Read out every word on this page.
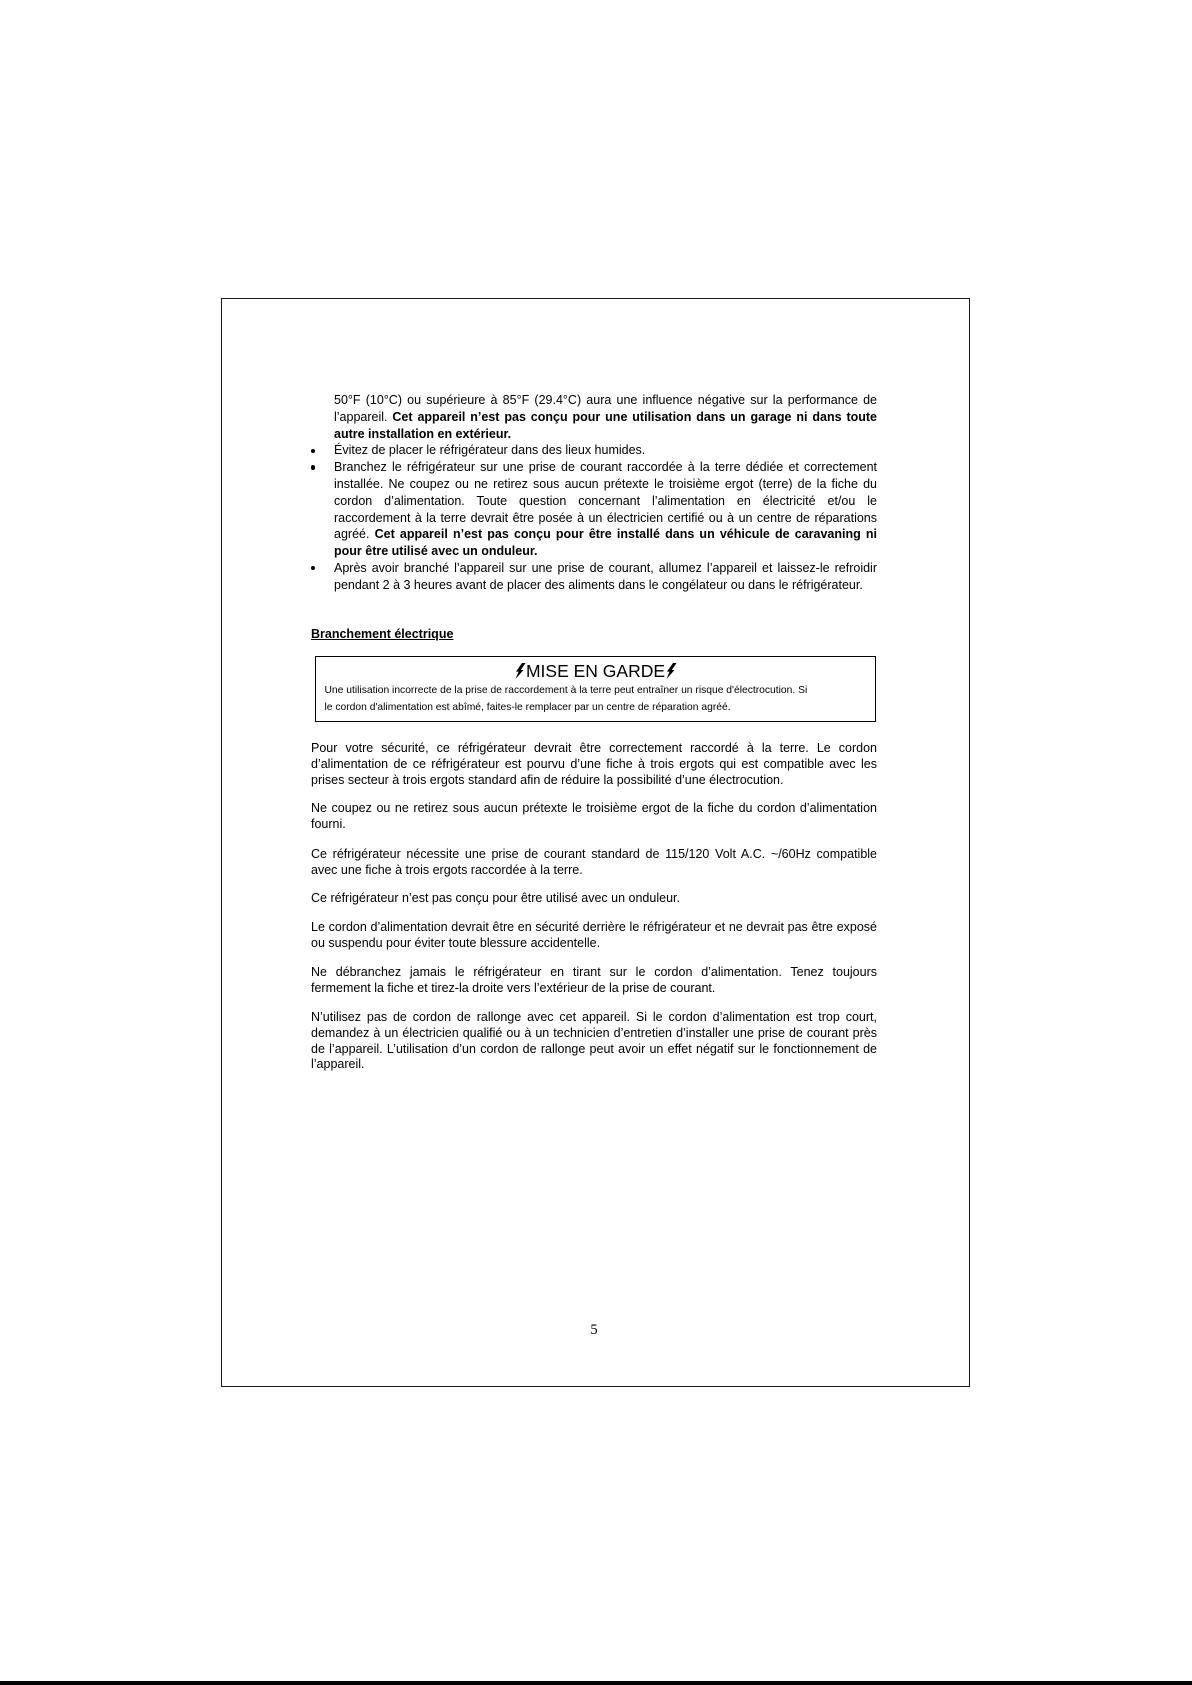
50°F (10°C) ou supérieure à 85°F (29.4°C) aura une influence négative sur la performance de
l’appareil. Cet appareil n’est pas conçu pour une utilisation dans un garage ni dans toute
autre installation en extérieur.
Évitez de placer le réfrigérateur dans des lieux humides.
Branchez le réfrigérateur sur une prise de courant raccordée à la terre dédiée et correctement
installée. Ne coupez ou ne retirez sous aucun prétexte le troisième ergot (terre) de la fiche du
cordon d’alimentation. Toute question concernant l’alimentation en électricité et/ou le
raccordement à la terre devrait être posée à un électricien certifié ou à un centre de réparations
agréé. Cet appareil n’est pas conçu pour être installé dans un véhicule de caravaning ni
pour être utilisé avec un onduleur.
Après avoir branché l’appareil sur une prise de courant, allumez l’appareil et laissez-le refroidir
pendant 2 à 3 heures avant de placer des aliments dans le congélateur ou dans le réfrigérateur.
Branchement électrique
MISE EN GARDE
Une utilisation incorrecte de la prise de raccordement à la terre peut entraîner un risque d'électrocution. Si
le cordon d'alimentation est abîmé, faites-le remplacer par un centre de réparation agréé.
Pour votre sécurité, ce réfrigérateur devrait être correctement raccordé à la terre. Le cordon
d’alimentation de ce réfrigérateur est pourvu d’une fiche à trois ergots qui est compatible avec les
prises secteur à trois ergots standard afin de réduire la possibilité d’une électrocution.
Ne coupez ou ne retirez sous aucun prétexte le troisième ergot de la fiche du cordon d’alimentation
fourni.
Ce réfrigérateur nécessite une prise de courant standard de 115/120 Volt A.C. ~/60Hz compatible
avec une fiche à trois ergots raccordée à la terre.
Ce réfrigérateur n’est pas conçu pour être utilisé avec un onduleur.
Le cordon d’alimentation devrait être en sécurité derrière le réfrigérateur et ne devrait pas être exposé
ou suspendu pour éviter toute blessure accidentelle.
Ne débranchez jamais le réfrigérateur en tirant sur le cordon d’alimentation. Tenez toujours
fermement la fiche et tirez-la droite vers l’extérieur de la prise de courant.
N’utilisez pas de cordon de rallonge avec cet appareil. Si le cordon d’alimentation est trop court,
demandez à un électricien qualifié ou à un technicien d’entretien d’installer une prise de courant près
de l’appareil. L’utilisation d’un cordon de rallonge peut avoir un effet négatif sur le fonctionnement de
l’appareil.
5
